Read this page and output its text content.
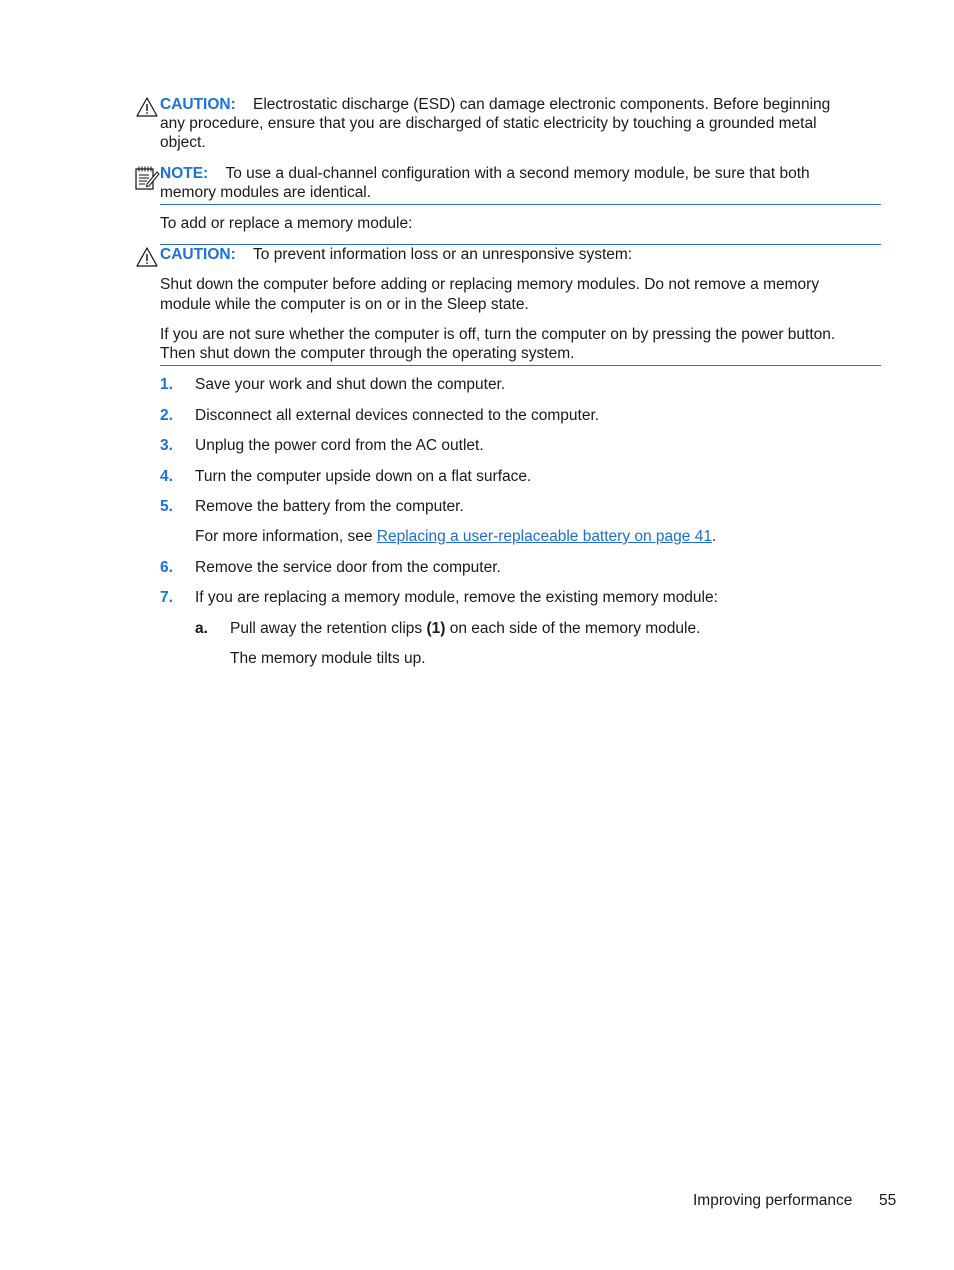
CAUTION: Electrostatic discharge (ESD) can damage electronic components. Before beginning
any procedure, ensure that you are discharged of static electricity by touching a grounded metal
object.
NOTE: To use a dual-channel configuration with a second memory module, be sure that both
memory modules are identical.
To add or replace a memory module:
CAUTION: To prevent information loss or an unresponsive system:
Shut down the computer before adding or replacing memory modules. Do not remove a memory
module while the computer is on or in the Sleep state.
If you are not sure whether the computer is off, turn the computer on by pressing the power button.
Then shut down the computer through the operating system.
1. Save your work and shut down the computer.
2. Disconnect all external devices connected to the computer.
3. Unplug the power cord from the AC outlet.
4. Turn the computer upside down on a flat surface.
5. Remove the battery from the computer.
For more information, see Replacing a user-replaceable battery on page 41.
6. Remove the service door from the computer.
7. If you are replacing a memory module, remove the existing memory module:
a. Pull away the retention clips (1) on each side of the memory module.
The memory module tilts up.
Improving performance 55
